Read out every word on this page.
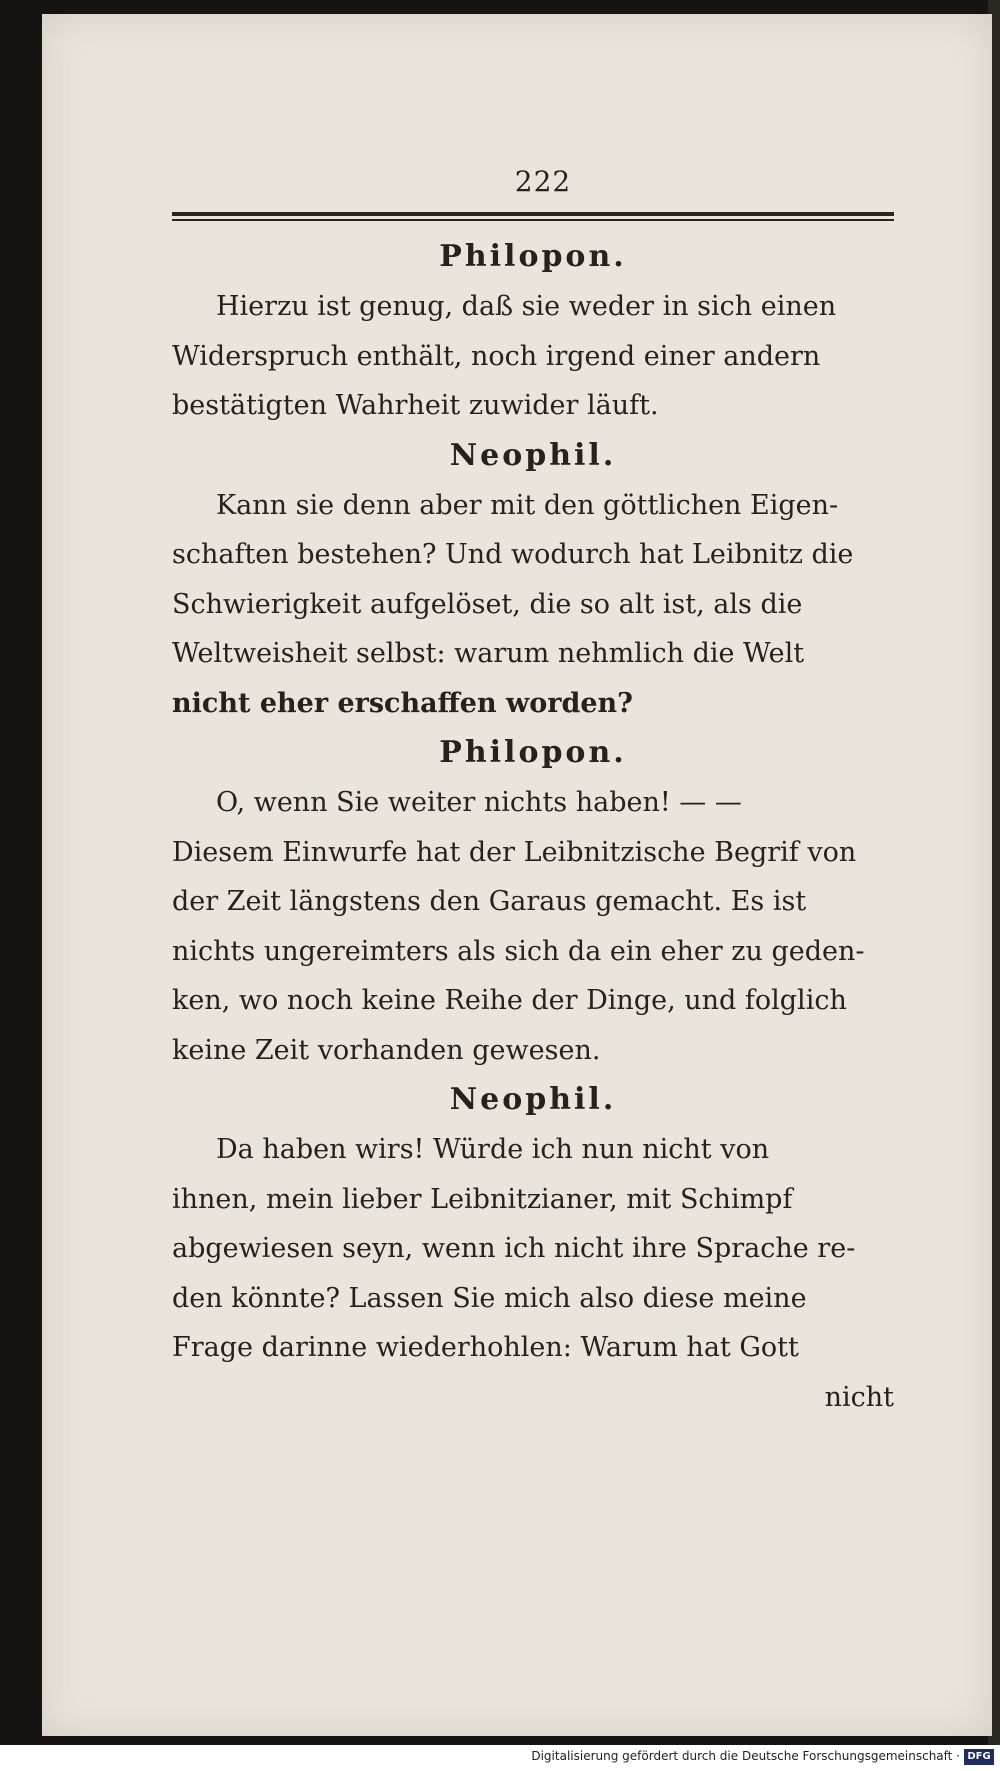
222
Philopon.
Hierzu ist genug, daß sie weder in sich einen
Widerspruch enthält, noch irgend einer andern
bestätigten Wahrheit zuwider läuft.
Neophil.
Kann sie denn aber mit den göttlichen Eigen-
schaften bestehen? Und wodurch hat Leibnitz die
Schwierigkeit aufgelöset, die so alt ist, als die
Weltweisheit selbst: warum nehmlich die Welt
nicht eher erschaffen worden?
Philopon.
O, wenn Sie weiter nichts haben! — —
Diesem Einwurfe hat der Leibnitzische Begrif von
der Zeit längstens den Garaus gemacht. Es ist
nichts ungereimters als sich da ein eher zu geden-
ken, wo noch keine Reihe der Dinge, und folglich
keine Zeit vorhanden gewesen.
Neophil.
Da haben wirs! Würde ich nun nicht von
ihnen, mein lieber Leibnitzianer, mit Schimpf
abgewiesen seyn, wenn ich nicht ihre Sprache re-
den könnte? Lassen Sie mich also diese meine
Frage darinne wiederhohlen: Warum hat Gott
nicht
Digitalisierung gefördert durch die Deutsche Forschungsgemeinschaft · DFG
